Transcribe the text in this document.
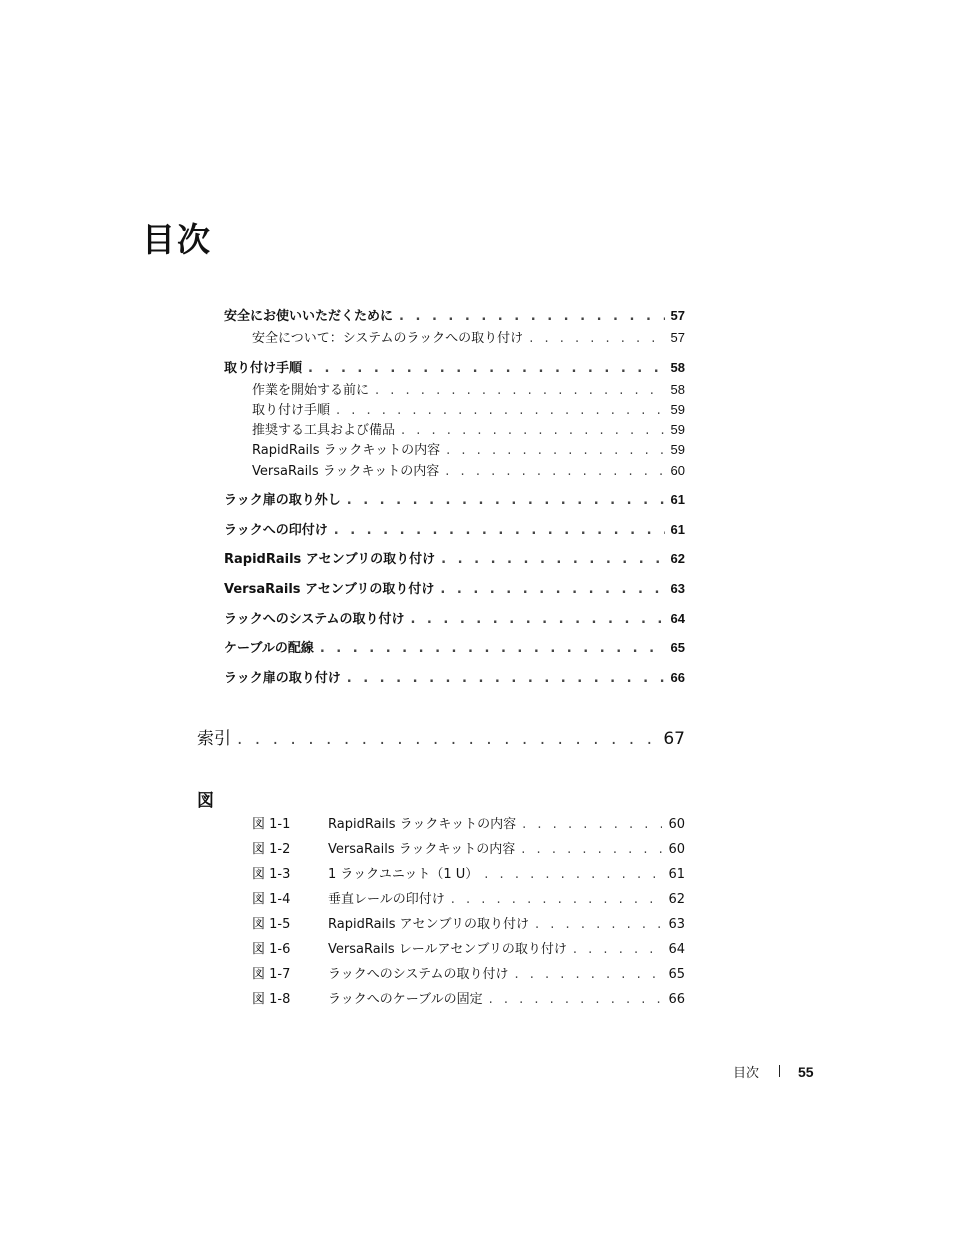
目次
安全にお使いいただくために . . .	57
安全について：システムのラックへの取り付け . . .	57
取り付け手順 . . .	58
作業を開始する前に . . .	58
取り付け手順 . . .	59
推奨する工具および備品 . . .	59
RapidRails ラックキットの内容 . . .	59
VersaRails ラックキットの内容 . . .	60
ラック扉の取り外し . . .	61
ラックへの印付け . . .	61
RapidRails アセンブリの取り付け . . .	62
VersaRails アセンブリの取り付け . . .	63
ラックへのシステムの取り付け . . .	64
ケーブルの配線 . . .	65
ラック扉の取り付け . . .	66
索引 . . .	67
図
図 1-1	RapidRails ラックキットの内容 . . .	60
図 1-2	VersaRails ラックキットの内容 . . .	60
図 1-3	1 ラックユニット（1 U） . . .	61
図 1-4	垂直レールの印付け . . .	62
図 1-5	RapidRails アセンブリの取り付け . . .	63
図 1-6	VersaRails レールアセンブリの取り付け . . .	64
図 1-7	ラックへのシステムの取り付け . . .	65
図 1-8	ラックへのケーブルの固定 . . .	66
目次	55
